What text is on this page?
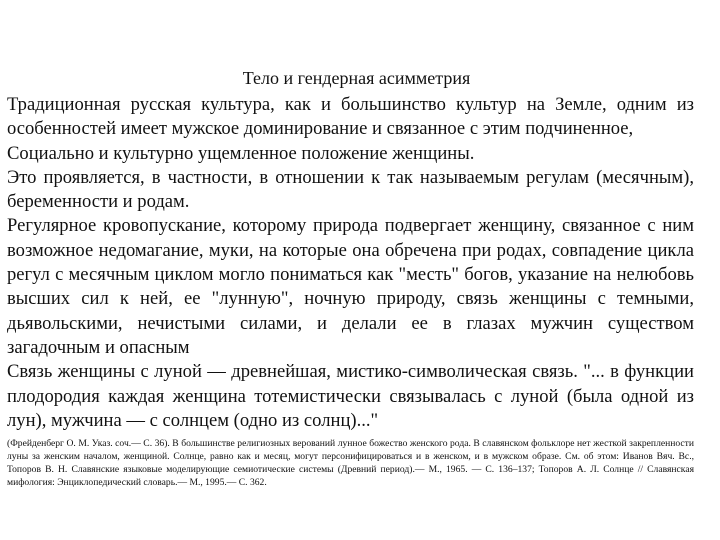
Тело и гендерная асимметрия

Традиционная русская культура, как и большинство культур на Земле, одним из особенностей имеет мужское доминирование и связанное с этим подчиненное,

Социально и культурно ущемленное положение женщины.

Это проявляется, в частности, в отношении к так называемым регулам (месячным), беременности и родам.

Регулярное кровопускание, которому природа подвергает женщину, связанное с ним возможное недомагание, муки, на которые она обречена при родах, совпадение цикла регул с месячным циклом могло пониматься как "месть" богов, указание на нелюбовь высших сил к ней, ее "лунную", ночную природу, связь женщины с темными, дьявольскими, нечистыми силами, и делали ее в глазах мужчин существом загадочным и опасным

Связь женщины с луной — древнейшая, мистико-символическая связь. "... в функции плодородия каждая женщина тотемистически связывалась с луной (была одной из лун), мужчина — с солнцем (одно из солнц)..."

(Фрейденберг О. М. Указ. соч.— С. 36). В большинстве религиозных верований лунное божество женского рода. В славянском фольклоре нет жесткой закрепленности луны за женским началом, женщиной. Солнце, равно как и месяц, могут персонифицироваться и в женском, и в мужском образе. См. об этом: Иванов Вяч. Вс., Топоров В. Н. Славянские языковые моделирующие семиотические системы (Древний период).— М., 1965. — С. 136–137; Топоров А. Л. Солнце // Славянская мифология: Энциклопедический словарь.— М., 1995.— С. 362.
